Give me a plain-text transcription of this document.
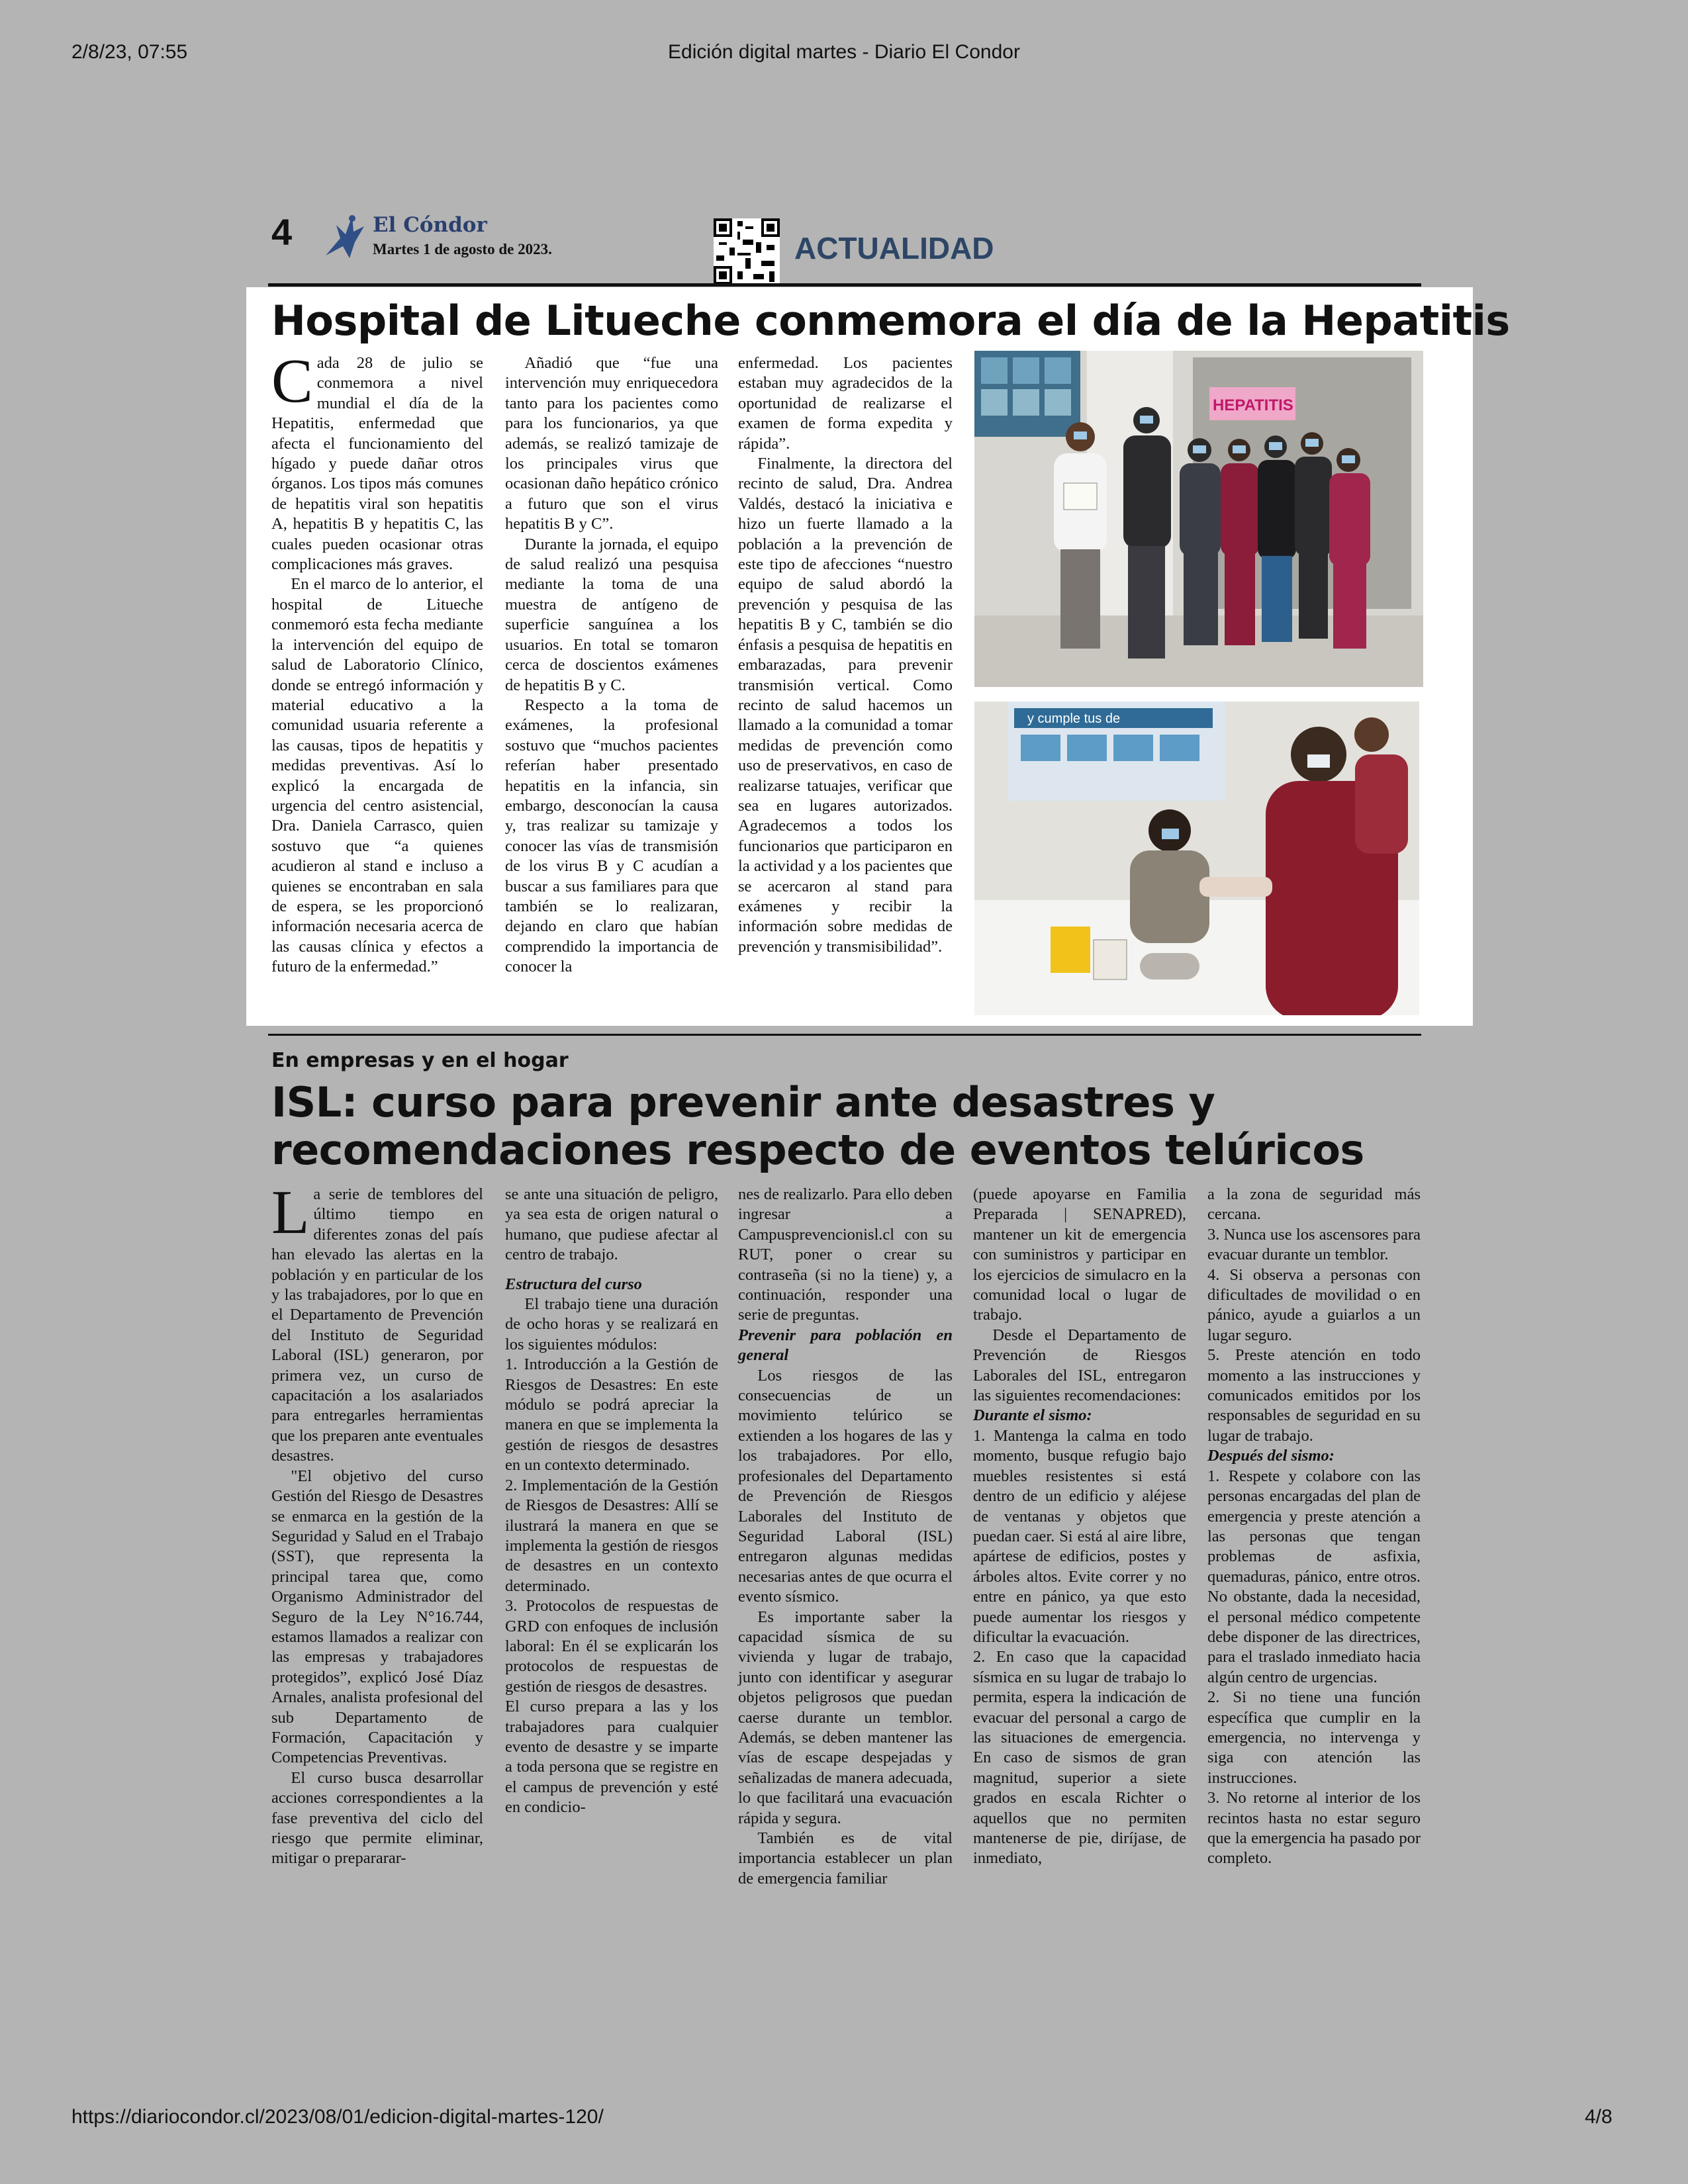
2/8/23, 07:55	Edición digital martes - Diario El Condor
https://diariocondor.cl/2023/08/01/edicion-digital-martes-120/	4/8
4	El Cóndor
Martes 1 de agosto de 2023.	ACTUALIDAD
Hospital de Litueche conmemora el día de la Hepatitis

Cada 28 de julio se conmemora a nivel mundial el día de la Hepatitis, enfermedad que afecta el funcionamiento del hígado y puede dañar otros órganos. Los tipos más comunes de hepatitis viral son hepatitis A, hepatitis B y hepatitis C, las cuales pueden ocasionar otras complicaciones más graves.

En el marco de lo anterior, el hospital de Litueche conmemoró esta fecha mediante la intervención del equipo de salud de Laboratorio Clínico, donde se entregó información y material educativo a la comunidad usuaria referente a las causas, tipos de hepatitis y medidas preventivas. Así lo explicó la encargada de urgencia del centro asistencial, Dra. Daniela Carrasco, quien sostuvo que “a quienes acudieron al stand e incluso a quienes se encontraban en sala de espera, se les proporcionó información necesaria acerca de las causas clínica y efectos a futuro de la enfermedad.”

Añadió que “fue una intervención muy enriquecedora tanto para los pacientes como para los funcionarios, ya que además, se realizó tamizaje de los principales virus que ocasionan daño hepático crónico a futuro que son el virus hepatitis B y C”.

Durante la jornada, el equipo de salud realizó una pesquisa mediante la toma de una muestra de antígeno de superficie sanguínea a los usuarios. En total se tomaron cerca de doscientos exámenes de hepatitis B y C.

Respecto a la toma de exámenes, la profesional sostuvo que “muchos pacientes referían haber presentado hepatitis en la infancia, sin embargo, desconocían la causa y, tras realizar su tamizaje y conocer las vías de transmisión de los virus B y C acudían a buscar a sus familiares para que también se lo realizaran, dejando en claro que habían comprendido la importancia de conocer la

enfermedad. Los pacientes estaban muy agradecidos de la oportunidad de realizarse el examen de forma expedita y rápida”.

Finalmente, la directora del recinto de salud, Dra. Andrea Valdés, destacó la iniciativa e hizo un fuerte llamado a la población a la prevención de este tipo de afecciones “nuestro equipo de salud abordó la prevención y pesquisa de las hepatitis B y C, también se dio énfasis a pesquisa de hepatitis en embarazadas, para prevenir transmisión vertical. Como recinto de salud hacemos un llamado a la comunidad a tomar medidas de prevención como uso de preservativos, en caso de realizarse tatuajes, verificar que sea en lugares autorizados. Agradecemos a todos los funcionarios que participaron en la actividad y a los pacientes que se acercaron al stand para exámenes y recibir la información sobre medidas de prevención y transmisibilidad”.

HEPATITIS
y cumple tus de
En empresas y en el hogar
ISL: curso para prevenir ante desastres y
recomendaciones respecto de eventos telúricos

La serie de temblores del último tiempo en diferentes zonas del país han elevado las alertas en la población y en particular de los y las trabajadores, por lo que en el Departamento de Prevención del Instituto de Seguridad Laboral (ISL) generaron, por primera vez, un curso de capacitación a los asalariados para entregarles herramientas que los preparen ante eventuales desastres.

"El objetivo del curso Gestión del Riesgo de Desastres se enmarca en la gestión de la Seguridad y Salud en el Trabajo (SST), que representa la principal tarea que, como Organismo Administrador del Seguro de la Ley N°16.744, estamos llamados a realizar con las empresas y trabajadores protegidos”, explicó José Díaz Arnales, analista profesional del sub Departamento de Formación, Capacitación y Competencias Preventivas.

El curso busca desarrollar acciones correspondientes a la fase preventiva del ciclo del riesgo que permite eliminar, mitigar o prepararar-

se ante una situación de peligro, ya sea esta de origen natural o humano, que pudiese afectar al centro de trabajo.

Estructura del curso

El trabajo tiene una duración de ocho horas y se realizará en los siguientes módulos:

1. Introducción a la Gestión de Riesgos de Desastres: En este módulo se podrá apreciar la manera en que se implementa la gestión de riesgos de desastres en un contexto determinado.

2. Implementación de la Gestión de Riesgos de Desastres: Allí se ilustrará la manera en que se implementa la gestión de riesgos de desastres en un contexto determinado.

3. Protocolos de respuestas de GRD con enfoques de inclusión laboral: En él se explicarán los protocolos de respuestas de gestión de riesgos de desastres.

El curso prepara a las y los trabajadores para cualquier evento de desastre y se imparte a toda persona que se registre en el campus de prevención y esté en condicio-

nes de realizarlo. Para ello deben ingresar a Campusprevencionisl.cl con su RUT, poner o crear su contraseña (si no la tiene) y, a continuación, responder una serie de preguntas.

Prevenir para población en general

Los riesgos de las consecuencias de un movimiento telúrico se extienden a los hogares de las y los trabajadores. Por ello, profesionales del Departamento de Prevención de Riesgos Laborales del Instituto de Seguridad Laboral (ISL) entregaron algunas medidas necesarias antes de que ocurra el evento sísmico.

Es importante saber la capacidad sísmica de su vivienda y lugar de trabajo, junto con identificar y asegurar objetos peligrosos que puedan caerse durante un temblor. Además, se deben mantener las vías de escape despejadas y señalizadas de manera adecuada, lo que facilitará una evacuación rápida y segura.

También es de vital importancia establecer un plan de emergencia familiar

(puede apoyarse en Familia Preparada | SENAPRED), mantener un kit de emergencia con suministros y participar en los ejercicios de simulacro en la comunidad local o lugar de trabajo.

Desde el Departamento de Prevención de Riesgos Laborales del ISL, entregaron las siguientes recomendaciones:

Durante el sismo:

1. Mantenga la calma en todo momento, busque refugio bajo muebles resistentes si está dentro de un edificio y aléjese de ventanas y objetos que puedan caer. Si está al aire libre, apártese de edificios, postes y árboles altos. Evite correr y no entre en pánico, ya que esto puede aumentar los riesgos y dificultar la evacuación.

2. En caso que la capacidad sísmica en su lugar de trabajo lo permita, espera la indicación de evacuar del personal a cargo de las situaciones de emergencia. En caso de sismos de gran magnitud, superior a siete grados en escala Richter o aquellos que no permiten mantenerse de pie, diríjase, de inmediato,

a la zona de seguridad más cercana.

3. Nunca use los ascensores para evacuar durante un temblor.

4. Si observa a personas con dificultades de movilidad o en pánico, ayude a guiarlos a un lugar seguro.

5. Preste atención en todo momento a las instrucciones y comunicados emitidos por los responsables de seguridad en su lugar de trabajo.

Después del sismo:

1. Respete y colabore con las personas encargadas del plan de emergencia y preste atención a las personas que tengan problemas de asfixia, quemaduras, pánico, entre otros. No obstante, dada la necesidad, el personal médico competente debe disponer de las directrices, para el traslado inmediato hacia algún centro de urgencias.

2. Si no tiene una función específica que cumplir en la emergencia, no intervenga y siga con atención las instrucciones.

3. No retorne al interior de los recintos hasta no estar seguro que la emergencia ha pasado por completo.
